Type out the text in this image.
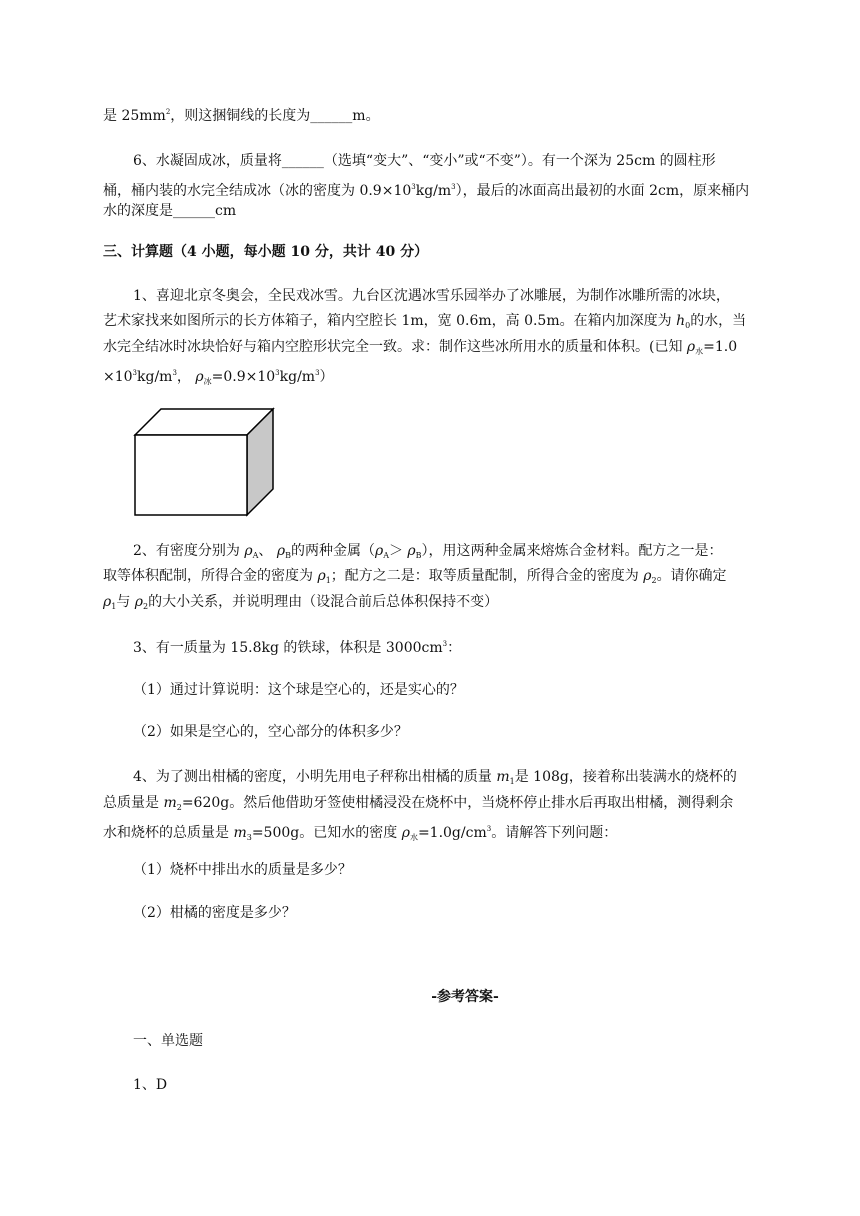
是 $25mm^2$，则这捆铜线的长度为______m。
6、水凝固成冰，质量将______（选填“变大”、“变小”或“不变”）。有一个深为 25cm 的圆柱形
桶，桶内装的水完全结成冰（冰的密度为 $0.9\times 10^3kg/m^3$），最后的冰面高出最初的水面 2cm，原来桶内
水的深度是______cm
三、计算题（4 小题，每小题 10 分，共计 40 分）
1、喜迎北京冬奥会，全民戏冰雪。九台区沈遇冰雪乐园举办了冰雕展，为制作冰雕所需的冰块，
艺术家找来如图所示的长方体箱子，箱内空腔长 1m，宽 0.6m，高 0.5m。在箱内加深度为 $h_0$的水，当
水完全结冰时冰块恰好与箱内空腔形状完全一致。求：制作这些冰所用水的质量和体积。(已知 $\rho_水=1.0$
$\times 10^3kg/m^3$， $\rho_冰=0.9\times 10^3kg/m^3$）
2、有密度分别为 $\rho_A$、 $\rho_B$的两种金属$(\rho_A> \rho_B)$，用这两种金属来熔炼合金材料。配方之一是：
取等体积配制，所得合金的密度为 $\rho_1$；配方之二是：取等质量配制，所得合金的密度为 $\rho_2$。请你确定
$\rho_1$与 $\rho_2$的大小关系，并说明理由（设混合前后总体积保持不变）
3、有一质量为 15.8kg 的铁球，体积是 $3000cm^3$：
（1）通过计算说明：这个球是空心的，还是实心的？
（2）如果是空心的，空心部分的体积多少？
4、为了测出柑橘的密度，小明先用电子秤称出柑橘的质量 $m_1$是 108g，接着称出装满水的烧杯的
总质量是 $m_2=620g$。然后他借助牙签使柑橘浸没在烧杯中，当烧杯停止排水后再取出柑橘，测得剩余
水和烧杯的总质量是 $m_3=500g$。已知水的密度 $\rho_水=1.0g/cm^3$。请解答下列问题：
（1）烧杯中排出水的质量是多少？
（2）柑橘的密度是多少？
-参考答案-
一、单选题
1、D
